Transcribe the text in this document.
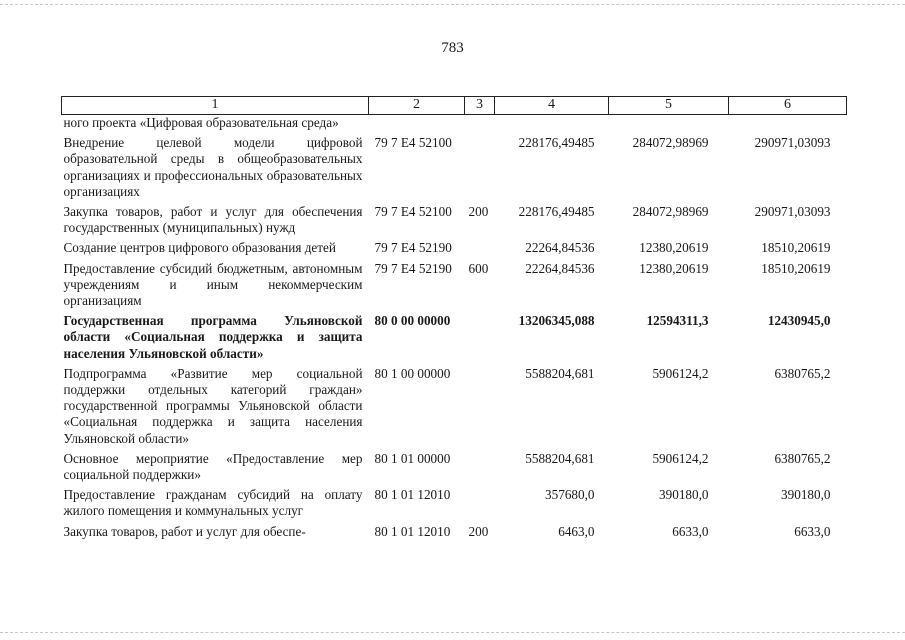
783
1	2	3	4	5	6
ного проекта «Цифровая образовательная среда»					
Внедрение целевой модели цифровой образовательной среды в общеобразовательных организациях и профессиональных образовательных организациях	79 7 E4 52100		228176,49485	284072,98969	290971,03093
Закупка товаров, работ и услуг для обеспечения государственных (муниципальных) нужд	79 7 E4 52100	200	228176,49485	284072,98969	290971,03093
Создание центров цифрового образования детей	79 7 E4 52190		22264,84536	12380,20619	18510,20619
Предоставление субсидий бюджетным, автономным учреждениям и иным некоммерческим организациям	79 7 E4 52190	600	22264,84536	12380,20619	18510,20619
Государственная программа Ульяновской области «Социальная поддержка и защита населения Ульяновской области»	80 0 00 00000		13206345,088	12594311,3	12430945,0
Подпрограмма «Развитие мер социальной поддержки отдельных категорий граждан» государственной программы Ульяновской области «Социальная поддержка и защита населения Ульяновской области»	80 1 00 00000		5588204,681	5906124,2	6380765,2
Основное мероприятие «Предоставление мер социальной поддержки»	80 1 01 00000		5588204,681	5906124,2	6380765,2
Предоставление гражданам субсидий на оплату жилого помещения и коммунальных услуг	80 1 01 12010		357680,0	390180,0	390180,0
Закупка товаров, работ и услуг для обеспе-	80 1 01 12010	200	6463,0	6633,0	6633,0
